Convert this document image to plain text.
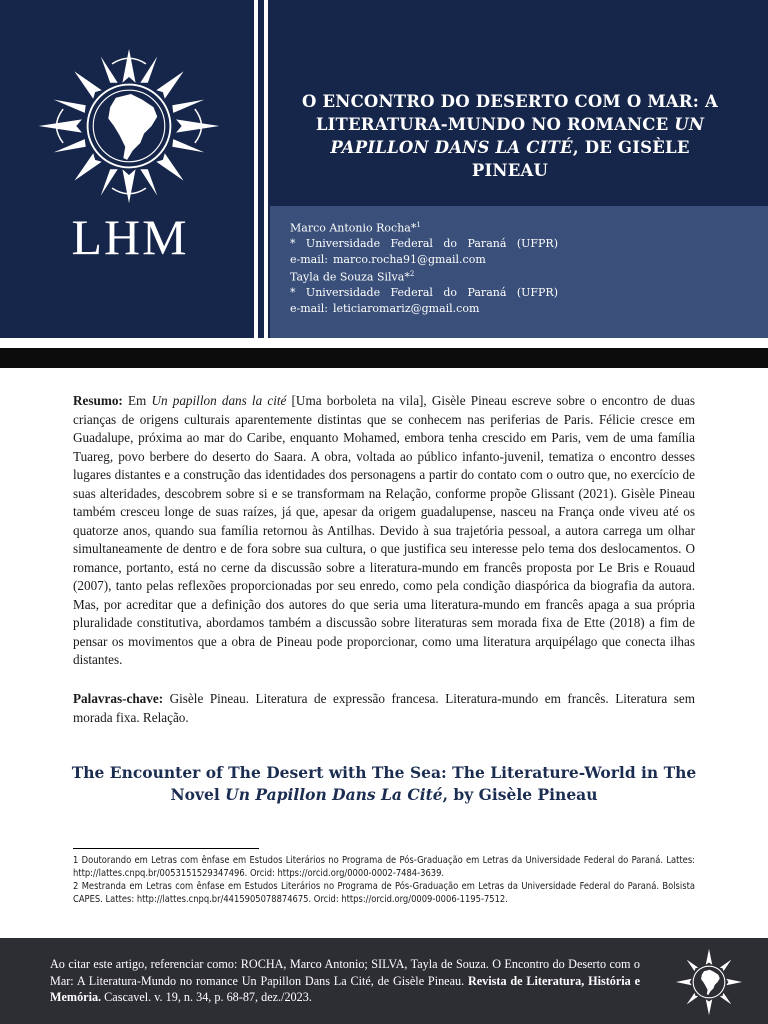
LHM
O ENCONTRO DO DESERTO COM O MAR: A
LITERATURA-MUNDO NO ROMANCE UN
PAPILLON DANS LA CITÉ, DE GISÈLE
PINEAU
Marco Antonio Rocha*$^1$
* Universidade Federal do Paraná (UFPR)
e-mail: marco.rocha91@gmail.com
Tayla de Souza Silva*$^2$
* Universidade Federal do Paraná (UFPR)
e-mail: leticiaromariz@gmail.com
Resumo: Em Un papillon dans la cité [Uma borboleta na vila], Gisèle Pineau escreve sobre o encontro de duas crianças de origens culturais aparentemente distintas que se conhecem nas periferias de Paris. Félicie cresce em Guadalupe, próxima ao mar do Caribe, enquanto Mohamed, embora tenha crescido em Paris, vem de uma família Tuareg, povo berbere do deserto do Saara. A obra, voltada ao público infanto-juvenil, tematiza o encontro desses lugares distantes e a construção das identidades dos personagens a partir do contato com o outro que, no exercício de suas alteridades, descobrem sobre si e se transformam na Relação, conforme propõe Glissant (2021). Gisèle Pineau também cresceu longe de suas raízes, já que, apesar da origem guadalupense, nasceu na França onde viveu até os quatorze anos, quando sua família retornou às Antilhas. Devido à sua trajetória pessoal, a autora carrega um olhar simultaneamente de dentro e de fora sobre sua cultura, o que justifica seu interesse pelo tema dos deslocamentos. O romance, portanto, está no cerne da discussão sobre a literatura-mundo em francês proposta por Le Bris e Rouaud (2007), tanto pelas reflexões proporcionadas por seu enredo, como pela condição diaspórica da biografia da autora. Mas, por acreditar que a definição dos autores do que seria uma literatura-mundo em francês apaga a sua própria pluralidade constitutiva, abordamos também a discussão sobre literaturas sem morada fixa de Ette (2018) a fim de pensar os movimentos que a obra de Pineau pode proporcionar, como uma literatura arquipélago que conecta ilhas distantes.
Palavras-chave: Gisèle Pineau. Literatura de expressão francesa. Literatura-mundo em francês. Literatura sem morada fixa. Relação.
The Encounter of The Desert with The Sea: The Literature-World in The
Novel Un Papillon Dans La Cité, by Gisèle Pineau

1 Doutorando em Letras com ênfase em Estudos Literários no Programa de Pós-Graduação em Letras da Universidade Federal do Paraná. Lattes: http://lattes.cnpq.br/0053151529347496. Orcid: https://orcid.org/0000-0002-7484-3639.

2 Mestranda em Letras com ênfase em Estudos Literários no Programa de Pós-Graduação em Letras da Universidade Federal do Paraná. Bolsista CAPES. Lattes: http://lattes.cnpq.br/4415905078874675. Orcid: https://orcid.org/0009-0006-1195-7512.

Ao citar este artigo, referenciar como: ROCHA, Marco Antonio; SILVA, Tayla de Souza. O Encontro do Deserto com o Mar: A Literatura-Mundo no romance Un Papillon Dans La Cité, de Gisèle Pineau. Revista de Literatura, História e Memória. Cascavel. v. 19, n. 34, p. 68-87, dez./2023.
